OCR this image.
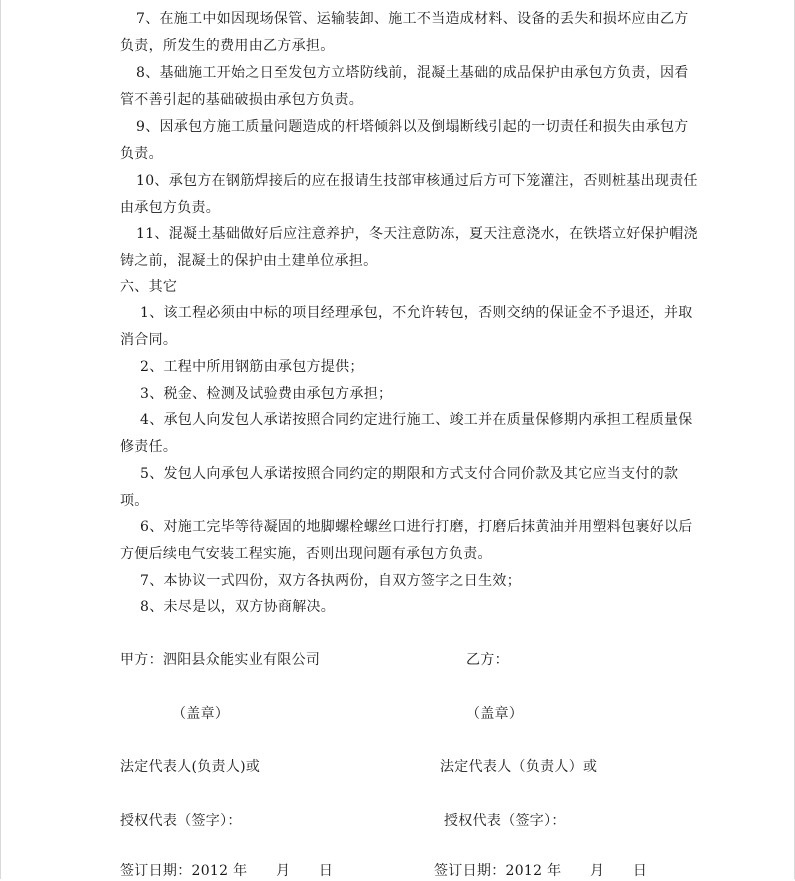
7、在施工中如因现场保管、运输装卸、施工不当造成材料、设备的丢失和损坏应由乙方
负责，所发生的费用由乙方承担。
8、基础施工开始之日至发包方立塔防线前，混凝土基础的成品保护由承包方负责，因看
管不善引起的基础破损由承包方负责。
9、因承包方施工质量问题造成的杆塔倾斜以及倒塌断线引起的一切责任和损失由承包方
负责。
10、承包方在钢筋焊接后的应在报请生技部审核通过后方可下笼灌注，否则桩基出现责任
由承包方负责。
11、混凝土基础做好后应注意养护，冬天注意防冻，夏天注意浇水，在铁塔立好保护帽浇
铸之前，混凝土的保护由土建单位承担。
六、其它
1、该工程必须由中标的项目经理承包，不允许转包，否则交纳的保证金不予退还，并取
消合同。
2、工程中所用钢筋由承包方提供；
3、税金、检测及试验费由承包方承担；
4、承包人向发包人承诺按照合同约定进行施工、竣工并在质量保修期内承担工程质量保
修责任。
5、发包人向承包人承诺按照合同约定的期限和方式支付合同价款及其它应当支付的款
项。
6、对施工完毕等待凝固的地脚螺栓螺丝口进行打磨，打磨后抹黄油并用塑料包裹好以后
方便后续电气安装工程实施，否则出现问题有承包方负责。
7、本协议一式四份，双方各执两份，自双方签字之日生效；
8、未尽是以，双方协商解决。
甲方：泗阳县众能实业有限公司	乙方：
（盖章）	（盖章）
法定代表人(负责人)或	法定代表人（负责人）或
授权代表（签字）：	授权代表（签字）：
签订日期：2012 年　　月　　日	签订日期：2012 年　　月　　日
